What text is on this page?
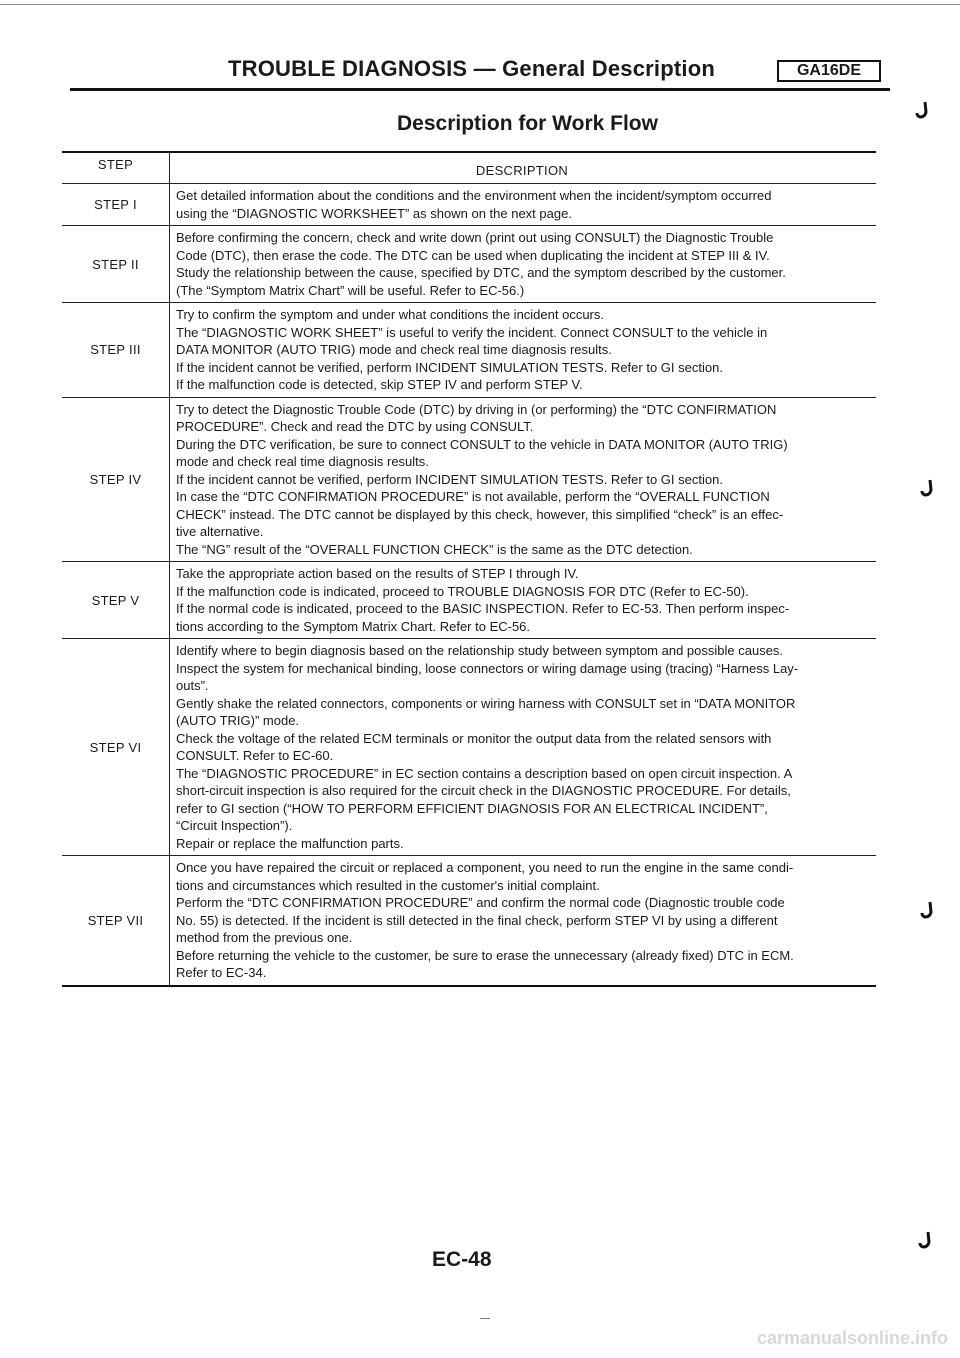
TROUBLE DIAGNOSIS — General Description	GA16DE
Description for Work Flow
STEP	DESCRIPTION
STEP I
Get detailed information about the conditions and the environment when the incident/symptom occurred
using the “DIAGNOSTIC WORKSHEET” as shown on the next page.
STEP II
Before confirming the concern, check and write down (print out using CONSULT) the Diagnostic Trouble
Code (DTC), then erase the code. The DTC can be used when duplicating the incident at STEP III & IV.
Study the relationship between the cause, specified by DTC, and the symptom described by the customer.
(The “Symptom Matrix Chart” will be useful. Refer to EC-56.)
STEP III
Try to confirm the symptom and under what conditions the incident occurs.
The “DIAGNOSTIC WORK SHEET” is useful to verify the incident. Connect CONSULT to the vehicle in
DATA MONITOR (AUTO TRIG) mode and check real time diagnosis results.
If the incident cannot be verified, perform INCIDENT SIMULATION TESTS. Refer to GI section.
If the malfunction code is detected, skip STEP IV and perform STEP V.
STEP IV
Try to detect the Diagnostic Trouble Code (DTC) by driving in (or performing) the “DTC CONFIRMATION
PROCEDURE”. Check and read the DTC by using CONSULT.
During the DTC verification, be sure to connect CONSULT to the vehicle in DATA MONITOR (AUTO TRIG)
mode and check real time diagnosis results.
If the incident cannot be verified, perform INCIDENT SIMULATION TESTS. Refer to GI section.
In case the “DTC CONFIRMATION PROCEDURE” is not available, perform the “OVERALL FUNCTION
CHECK” instead. The DTC cannot be displayed by this check, however, this simplified “check” is an effec-
tive alternative.
The “NG” result of the “OVERALL FUNCTION CHECK” is the same as the DTC detection.
STEP V
Take the appropriate action based on the results of STEP I through IV.
If the malfunction code is indicated, proceed to TROUBLE DIAGNOSIS FOR DTC (Refer to EC-50).
If the normal code is indicated, proceed to the BASIC INSPECTION. Refer to EC-53. Then perform inspec-
tions according to the Symptom Matrix Chart. Refer to EC-56.
STEP VI
Identify where to begin diagnosis based on the relationship study between symptom and possible causes.
Inspect the system for mechanical binding, loose connectors or wiring damage using (tracing) “Harness Lay-
outs”.
Gently shake the related connectors, components or wiring harness with CONSULT set in “DATA MONITOR
(AUTO TRIG)” mode.
Check the voltage of the related ECM terminals or monitor the output data from the related sensors with
CONSULT. Refer to EC-60.
The “DIAGNOSTIC PROCEDURE” in EC section contains a description based on open circuit inspection. A
short-circuit inspection is also required for the circuit check in the DIAGNOSTIC PROCEDURE. For details,
refer to GI section (“HOW TO PERFORM EFFICIENT DIAGNOSIS FOR AN ELECTRICAL INCIDENT”,
“Circuit Inspection”).
Repair or replace the malfunction parts.
STEP VII
Once you have repaired the circuit or replaced a component, you need to run the engine in the same condi-
tions and circumstances which resulted in the customer's initial complaint.
Perform the “DTC CONFIRMATION PROCEDURE” and confirm the normal code (Diagnostic trouble code
No. 55) is detected. If the incident is still detected in the final check, perform STEP VI by using a different
method from the previous one.
Before returning the vehicle to the customer, be sure to erase the unnecessary (already fixed) DTC in ECM.
Refer to EC-34.
EC-48
carmanualsonline.info
